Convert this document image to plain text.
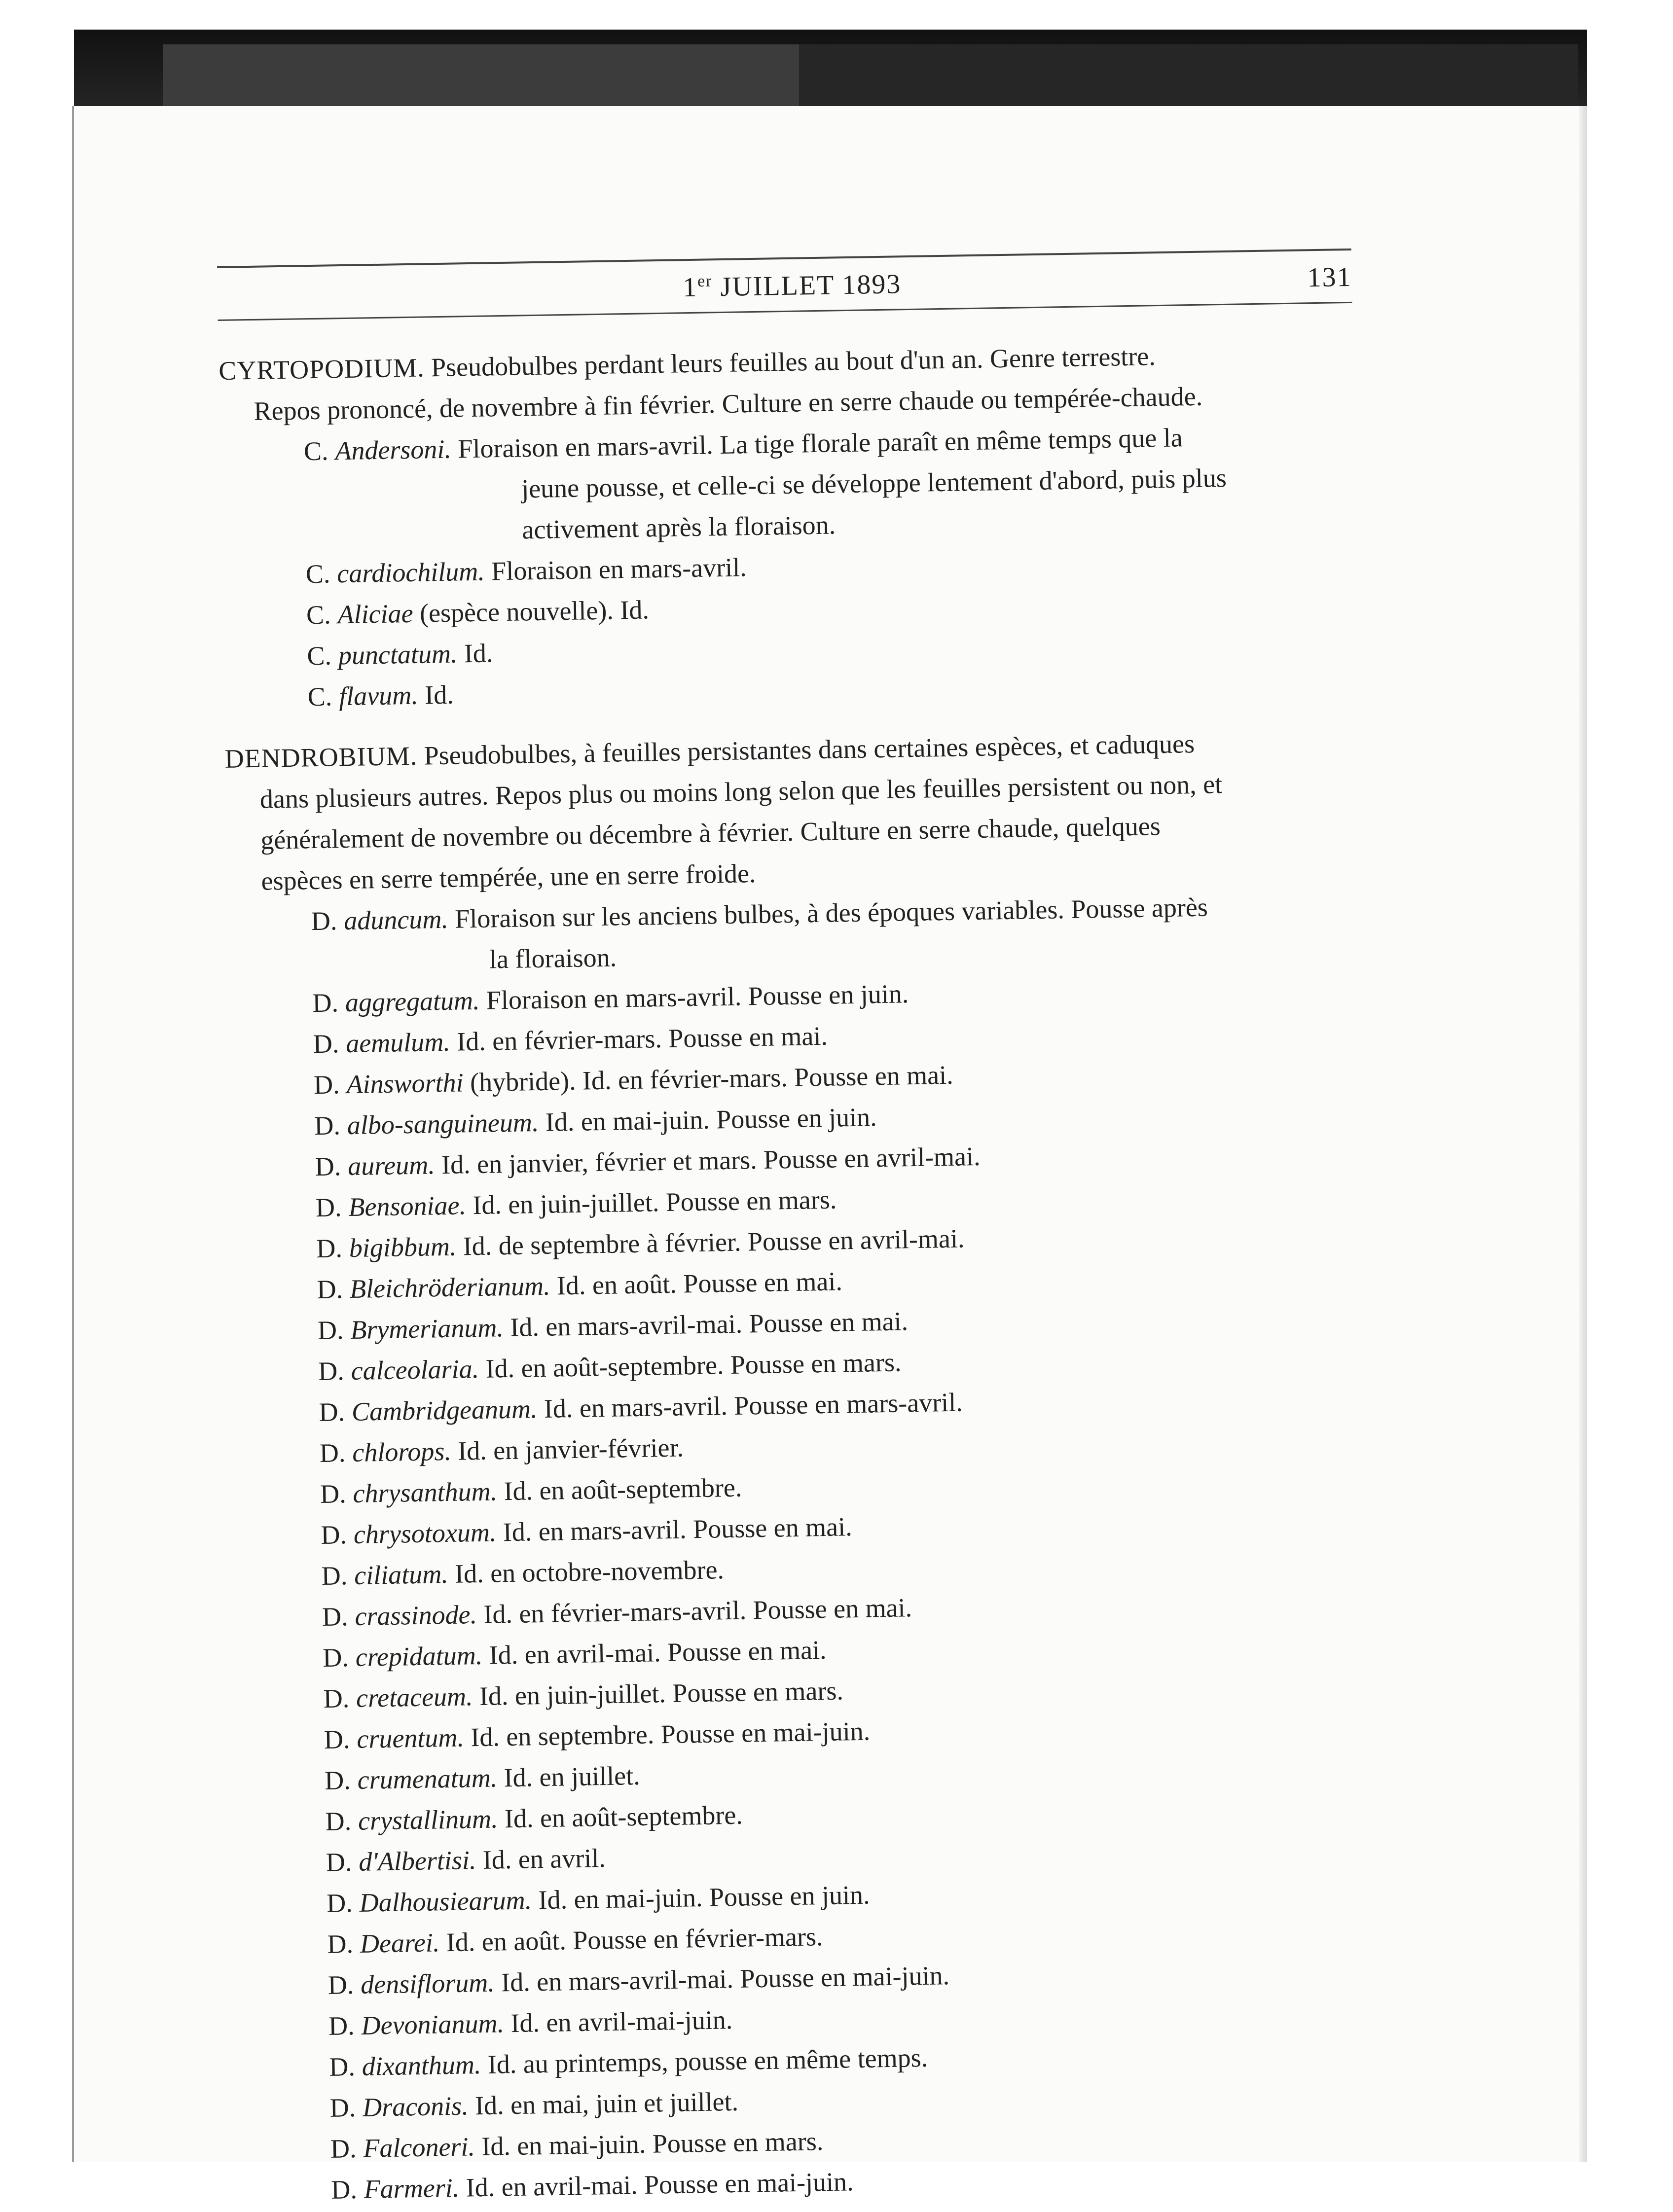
1er JUILLET 1893	131
CYRTOPODIUM. Pseudobulbes perdant leurs feuilles au bout d'un an. Genre terrestre.
Repos prononcé, de novembre à fin février. Culture en serre chaude ou tempérée-chaude.
C. Andersoni. Floraison en mars-avril. La tige florale paraît en même temps que la
jeune pousse, et celle-ci se développe lentement d'abord, puis plus
activement après la floraison.
C. cardiochilum. Floraison en mars-avril.
C. Aliciae (espèce nouvelle). Id.
C. punctatum. Id.
C. flavum. Id.
DENDROBIUM. Pseudobulbes, à feuilles persistantes dans certaines espèces, et caduques
dans plusieurs autres. Repos plus ou moins long selon que les feuilles persistent ou non, et
généralement de novembre ou décembre à février. Culture en serre chaude, quelques
espèces en serre tempérée, une en serre froide.
D. aduncum. Floraison sur les anciens bulbes, à des époques variables. Pousse après
la floraison.
D. aggregatum. Floraison en mars-avril. Pousse en juin.
D. aemulum. Id. en février-mars. Pousse en mai.
D. Ainsworthi (hybride). Id. en février-mars. Pousse en mai.
D. albo-sanguineum. Id. en mai-juin. Pousse en juin.
D. aureum. Id. en janvier, février et mars. Pousse en avril-mai.
D. Bensoniae. Id. en juin-juillet. Pousse en mars.
D. bigibbum. Id. de septembre à février. Pousse en avril-mai.
D. Bleichröderianum. Id. en août. Pousse en mai.
D. Brymerianum. Id. en mars-avril-mai. Pousse en mai.
D. calceolaria. Id. en août-septembre. Pousse en mars.
D. Cambridgeanum. Id. en mars-avril. Pousse en mars-avril.
D. chlorops. Id. en janvier-février.
D. chrysanthum. Id. en août-septembre.
D. chrysotoxum. Id. en mars-avril. Pousse en mai.
D. ciliatum. Id. en octobre-novembre.
D. crassinode. Id. en février-mars-avril. Pousse en mai.
D. crepidatum. Id. en avril-mai. Pousse en mai.
D. cretaceum. Id. en juin-juillet. Pousse en mars.
D. cruentum. Id. en septembre. Pousse en mai-juin.
D. crumenatum. Id. en juillet.
D. crystallinum. Id. en août-septembre.
D. d'Albertisi. Id. en avril.
D. Dalhousiearum. Id. en mai-juin. Pousse en juin.
D. Dearei. Id. en août. Pousse en février-mars.
D. densiflorum. Id. en mars-avril-mai. Pousse en mai-juin.
D. Devonianum. Id. en avril-mai-juin.
D. dixanthum. Id. au printemps, pousse en même temps.
D. Draconis. Id. en mai, juin et juillet.
D. Falconeri. Id. en mai-juin. Pousse en mars.
D. Farmeri. Id. en avril-mai. Pousse en mai-juin.
